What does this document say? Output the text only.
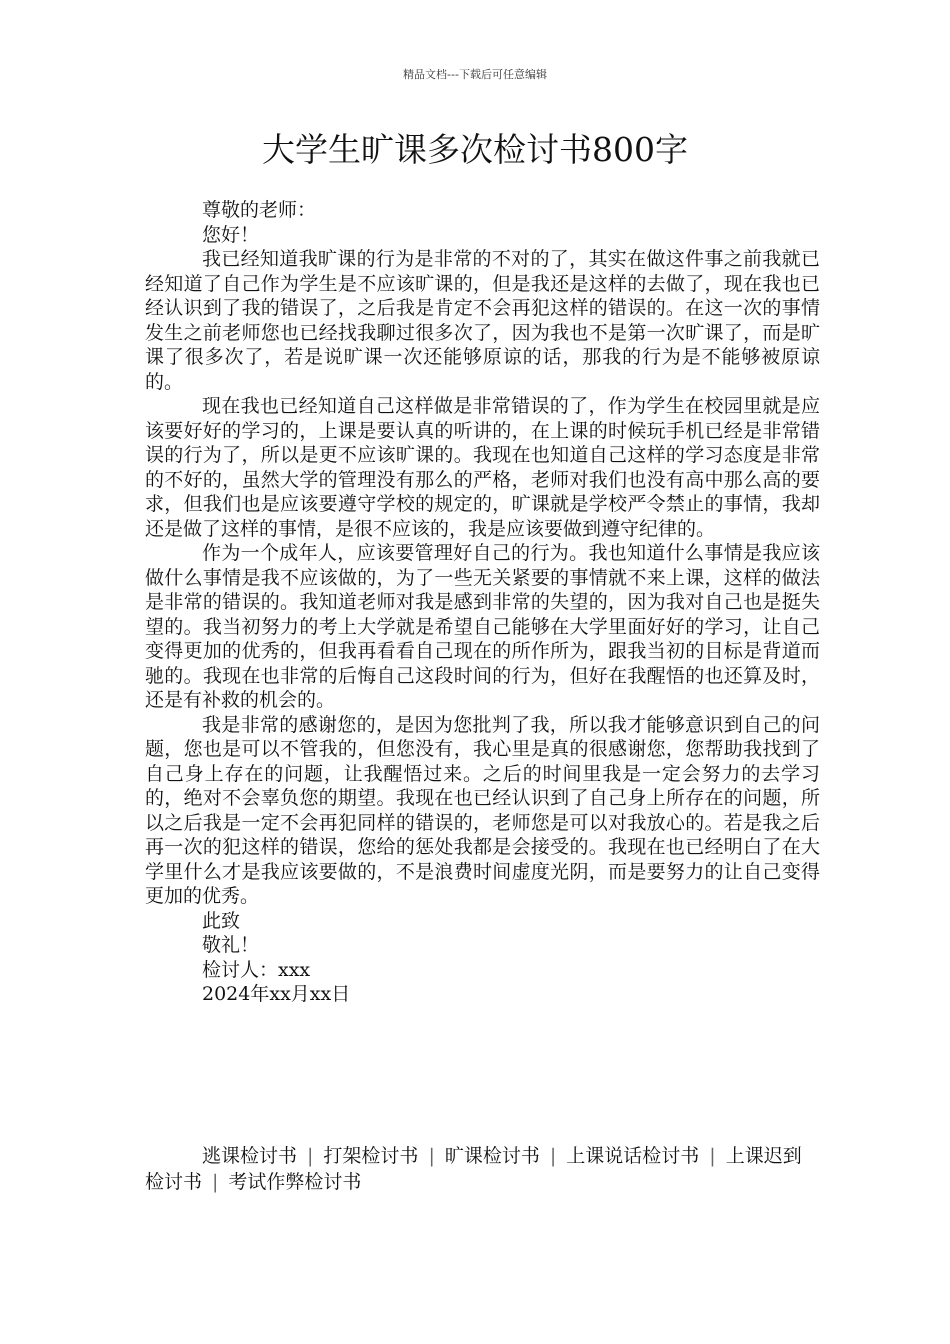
精品文档---下载后可任意编辑
大学生旷课多次检讨书800字

尊敬的老师：

您好！

我已经知道我旷课的行为是非常的不对的了，其实在做这件事之前我就已经知道了自己作为学生是不应该旷课的，但是我还是这样的去做了，现在我也已经认识到了我的错误了，之后我是肯定不会再犯这样的错误的。在这一次的事情发生之前老师您也已经找我聊过很多次了，因为我也不是第一次旷课了，而是旷课了很多次了，若是说旷课一次还能够原谅的话，那我的行为是不能够被原谅的。

现在我也已经知道自己这样做是非常错误的了，作为学生在校园里就是应该要好好的学习的，上课是要认真的听讲的，在上课的时候玩手机已经是非常错误的行为了，所以是更不应该旷课的。我现在也知道自己这样的学习态度是非常的不好的，虽然大学的管理没有那么的严格，老师对我们也没有高中那么高的要求，但我们也是应该要遵守学校的规定的，旷课就是学校严令禁止的事情，我却还是做了这样的事情，是很不应该的，我是应该要做到遵守纪律的。

作为一个成年人，应该要管理好自己的行为。我也知道什么事情是我应该做什么事情是我不应该做的，为了一些无关紧要的事情就不来上课，这样的做法是非常的错误的。我知道老师对我是感到非常的失望的，因为我对自己也是挺失望的。我当初努力的考上大学就是希望自己能够在大学里面好好的学习，让自己变得更加的优秀的，但我再看看自己现在的所作所为，跟我当初的目标是背道而驰的。我现在也非常的后悔自己这段时间的行为，但好在我醒悟的也还算及时，还是有补救的机会的。

我是非常的感谢您的，是因为您批判了我，所以我才能够意识到自己的问题，您也是可以不管我的，但您没有，我心里是真的很感谢您，您帮助我找到了自己身上存在的问题，让我醒悟过来。之后的时间里我是一定会努力的去学习的，绝对不会辜负您的期望。我现在也已经认识到了自己身上所存在的问题，所以之后我是一定不会再犯同样的错误的，老师您是可以对我放心的。若是我之后再一次的犯这样的错误，您给的惩处我都是会接受的。我现在也已经明白了在大学里什么才是我应该要做的，不是浪费时间虚度光阴，而是要努力的让自己变得更加的优秀。

此致

敬礼！

检讨人：xxx

2024年xx月xx日

逃课检讨书 | 打架检讨书 | 旷课检讨书 | 上课说话检讨书 | 上课迟到检讨书 | 考试作弊检讨书
